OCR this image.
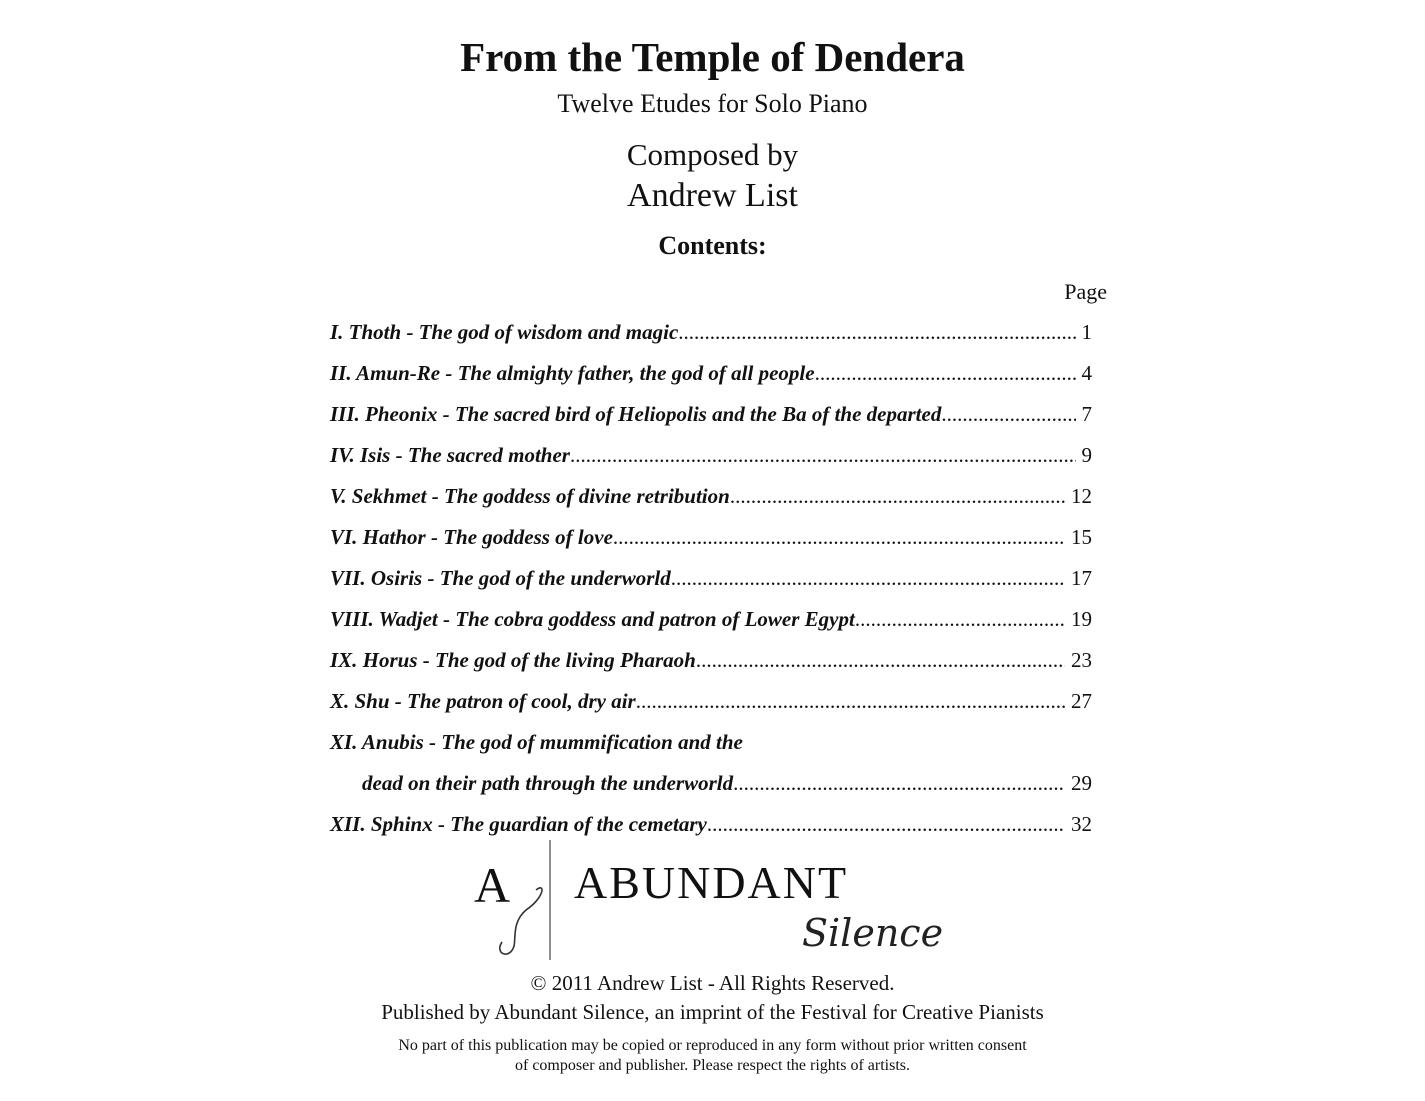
From the Temple of Dendera
Twelve Etudes for Solo Piano
Composed by
Andrew List
Contents:
Page
I. Thoth - The god of wisdom and magic .....	1
II. Amun-Re - The almighty father, the god of all people .....	4
III. Pheonix - The sacred bird of Heliopolis and the Ba of the departed .....	7
IV. Isis - The sacred mother .....	9
V. Sekhmet - The goddess of divine retribution .....	12
VI. Hathor - The goddess of love .....	15
VII. Osiris - The god of the underworld .....	17
VIII. Wadjet - The cobra goddess and patron of Lower Egypt .....	19
IX. Horus - The god of the living Pharaoh .....	23
X. Shu - The patron of cool, dry air .....	27
XI. Anubis - The god of mummification and the
dead on their path through the underworld .....	29
XII. Sphinx - The guardian of the cemetary .....	32
A ABUNDANT
Silence
© 2011 Andrew List - All Rights Reserved.
Published by Abundant Silence, an imprint of the Festival for Creative Pianists
No part of this publication may be copied or reproduced in any form without prior written consent
of composer and publisher. Please respect the rights of artists.
